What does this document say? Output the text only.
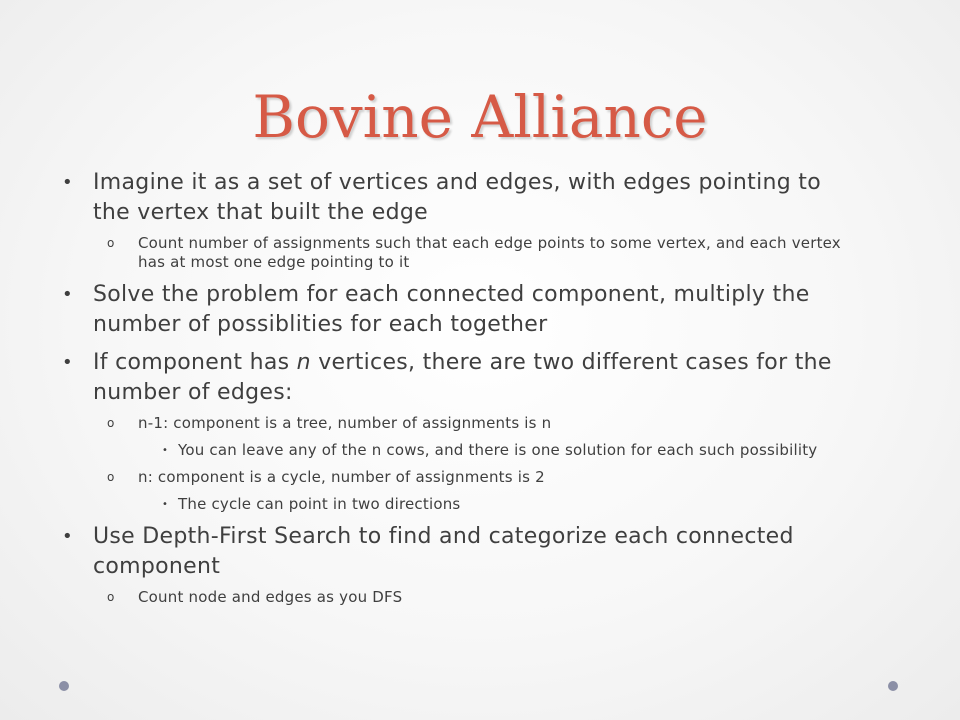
Bovine Alliance
• Imagine it as a set of vertices and edges, with edges pointing to the vertex that built the edge
o Count number of assignments such that each edge points to some vertex, and each vertex has at most one edge pointing to it
• Solve the problem for each connected component, multiply the number of possiblities for each together
• If component has n vertices, there are two different cases for the number of edges:
o n-1: component is a tree, number of assignments is n
• You can leave any of the n cows, and there is one solution for each such possibility
o n: component is a cycle, number of assignments is 2
• The cycle can point in two directions
• Use Depth-First Search to find and categorize each connected component
o Count node and edges as you DFS
